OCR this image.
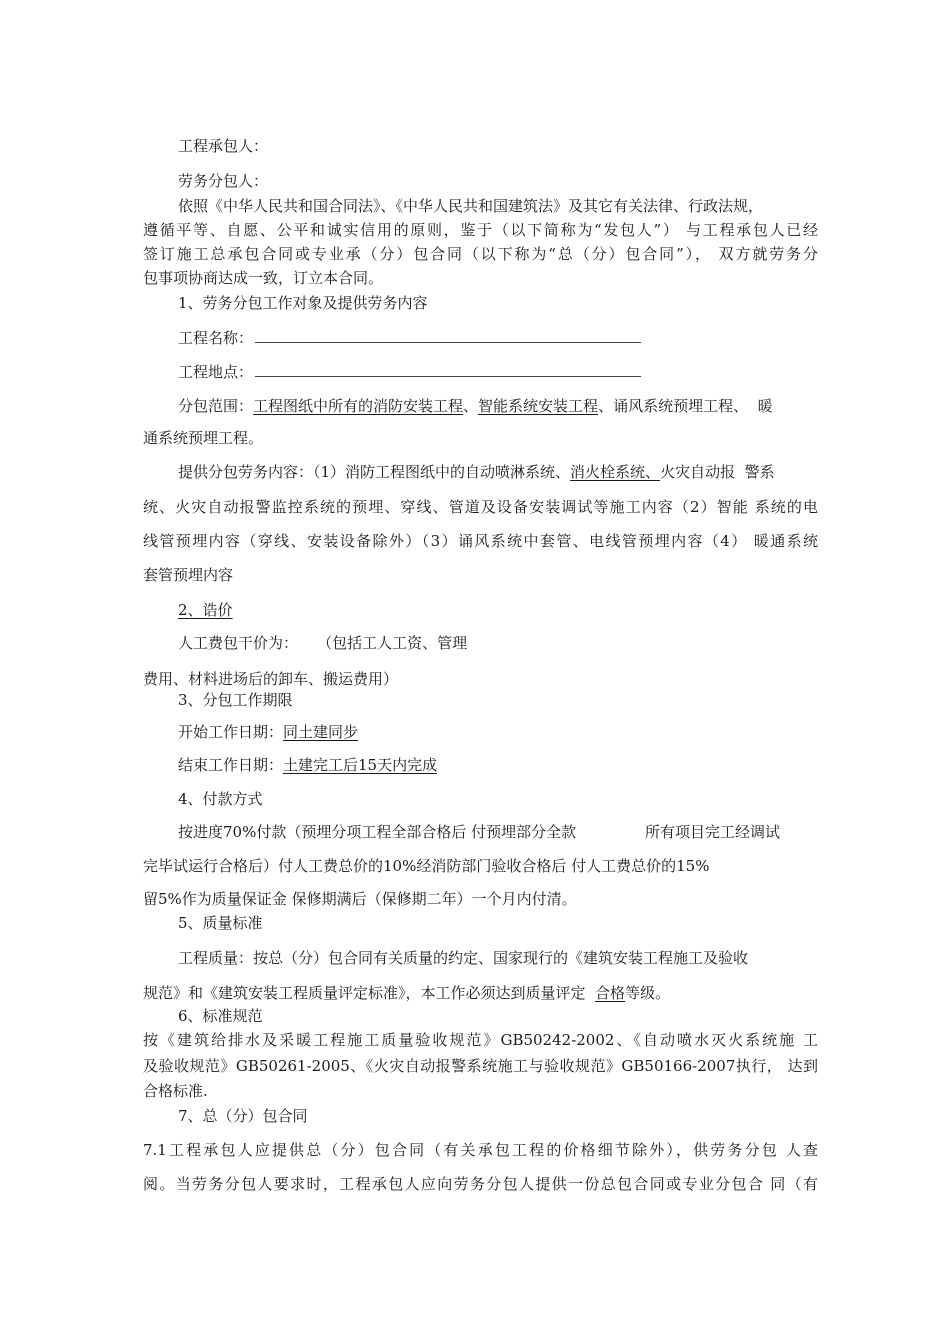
工程承包人：
劳务分包人：
依照《中华人民共和国合同法》、《中华人民共和国建筑法》及其它有关法律、行政法规，
遵循平等、自愿、公平和诚实信用的原则，鉴于（以下简称为“发包人”） 与工程承包人已经
签订施工总承包合同或专业承（分）包合同（以下称为“总（分）包合同”）， 双方就劳务分
包事项协商达成一致，订立本合同。
1、劳务分包工作对象及提供劳务内容
工程名称：
工程地点：
分包范围：工程图纸中所有的消防安装工程、智能系统安装工程、诵风系统预埋工程、  暖
通系统预埋工程。
提供分包劳务内容：（1）消防工程图纸中的自动喷淋系统、消火栓系统、火灾自动报  警系
统、火灾自动报警监控系统的预埋、穿线、管道及设备安装调试等施工内容（2）智能 系统的电
线管预埋内容（穿线、安装设备除外）（3）诵风系统中套管、电线管预埋内容（4） 暖通系统
套管预埋内容
2、诰价
人工费包干价为：    （包括工人工资、管理
费用、材料进场后的卸车、搬运费用）
3、分包工作期限
开始工作日期：同土建同步
结束工作日期：土建完工后15天内完成
4、付款方式
按进度70%付款（预埋分项工程全部合格后 付预埋部分全款	所有项目完工经调试
完毕试运行合格后）付人工费总价的10%经消防部门验收合格后 付人工费总价的15%
留5%作为质量保证金 保修期满后（保修期二年）一个月内付清。
5、质量标准
工程质量：按总（分）包合同有关质量的约定、国家现行的《建筑安装工程施工及验收
规范》和《建筑安装工程质量评定标准》，本工作必须达到质量评定  合格等级。
6、标准规范
按《建筑给排水及采暖工程施工质量验收规范》GB50242-2002、《自动喷水灭火系统施 工
及验收规范》GB50261-2005、《火灾自动报警系统施工与验收规范》GB50166-2007执行， 达到
合格标准.
7、总（分）包合同
7.1工程承包人应提供总（分）包合同（有关承包工程的价格细节除外），供劳务分包 人查
阅。当劳务分包人要求时，工程承包人应向劳务分包人提供一份总包合同或专业分包合 同（有
